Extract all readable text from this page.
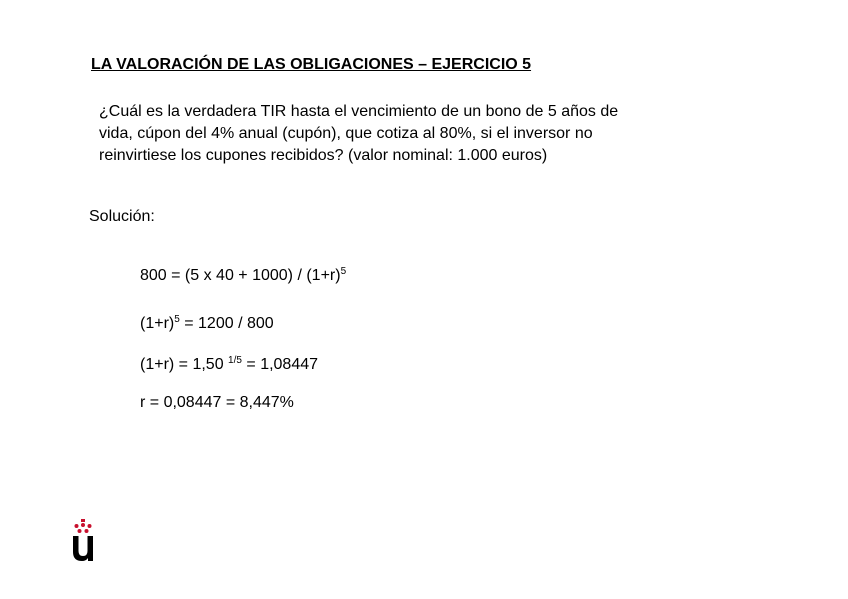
LA VALORACIÓN DE LAS OBLIGACIONES – EJERCICIO 5
¿Cuál es la verdadera TIR hasta el vencimiento de un bono de 5 años de
vida, cúpon del 4% anual (cupón), que cotiza al 80%, si el inversor no
reinvirtiese los cupones recibidos? (valor nominal: 1.000 euros)
Solución:
800 = (5 x $40 + 1000) / (1+r)^5$
$(1+r)^5 = 1200 / 800$
(1+r) = 1,50 $^{1/5}$ = 1,08447
r = 0,08447 = 8,447%
